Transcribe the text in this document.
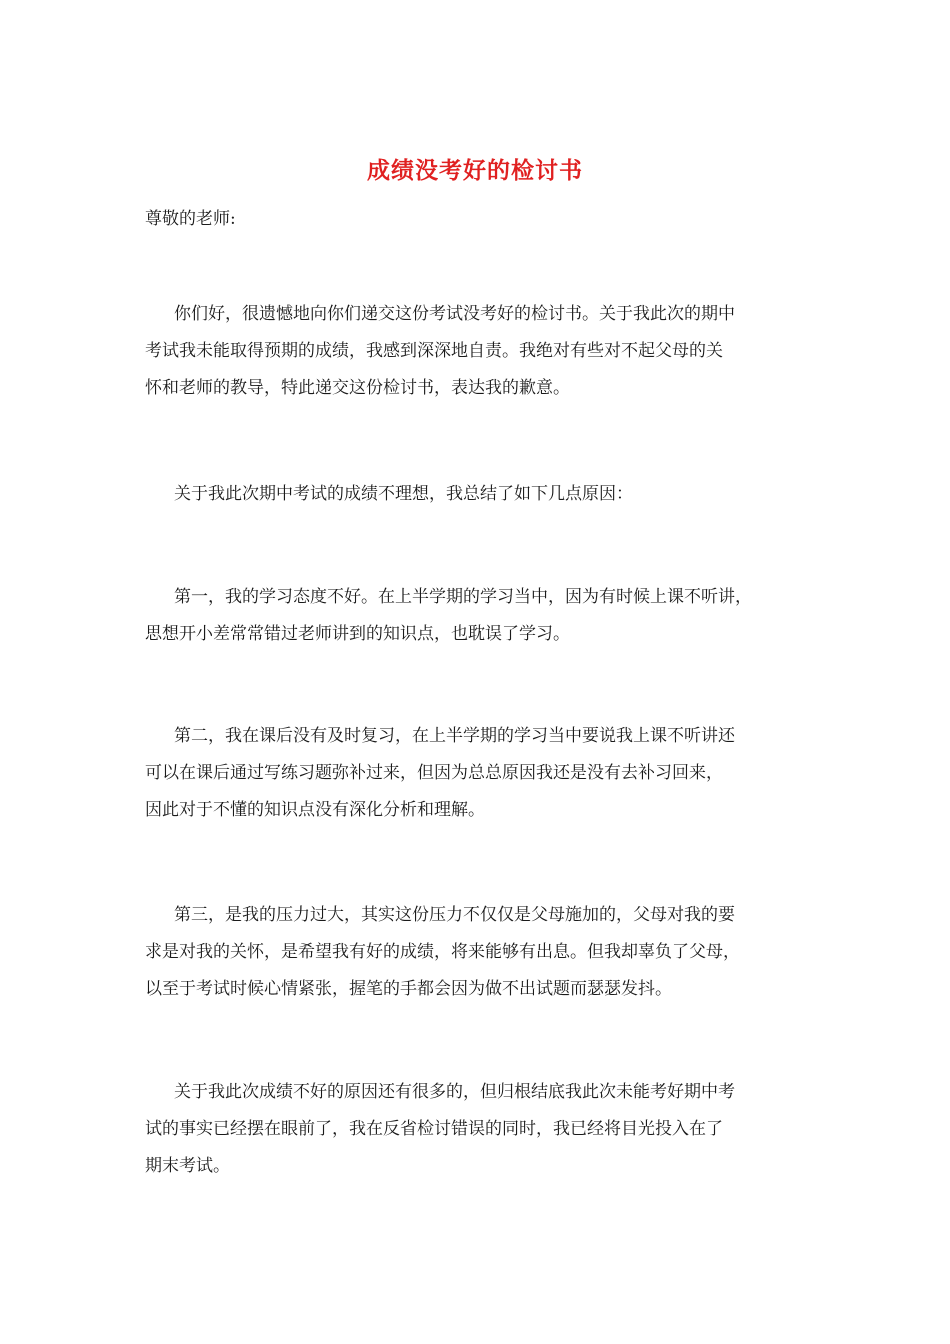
成绩没考好的检讨书
尊敬的老师:
你们好，很遗憾地向你们递交这份考试没考好的检讨书。关于我此次的期中
考试我未能取得预期的成绩，我感到深深地自责。我绝对有些对不起父母的关
怀和老师的教导，特此递交这份检讨书，表达我的歉意。
关于我此次期中考试的成绩不理想，我总结了如下几点原因：
第一，我的学习态度不好。在上半学期的学习当中，因为有时候上课不听讲，
思想开小差常常错过老师讲到的知识点，也耽误了学习。
第二，我在课后没有及时复习，在上半学期的学习当中要说我上课不听讲还
可以在课后通过写练习题弥补过来，但因为总总原因我还是没有去补习回来，
因此对于不懂的知识点没有深化分析和理解。
第三，是我的压力过大，其实这份压力不仅仅是父母施加的，父母对我的要
求是对我的关怀，是希望我有好的成绩，将来能够有出息。但我却辜负了父母，
以至于考试时候心情紧张，握笔的手都会因为做不出试题而瑟瑟发抖。
关于我此次成绩不好的原因还有很多的，但归根结底我此次未能考好期中考
试的事实已经摆在眼前了，我在反省检讨错误的同时，我已经将目光投入在了
期末考试。
